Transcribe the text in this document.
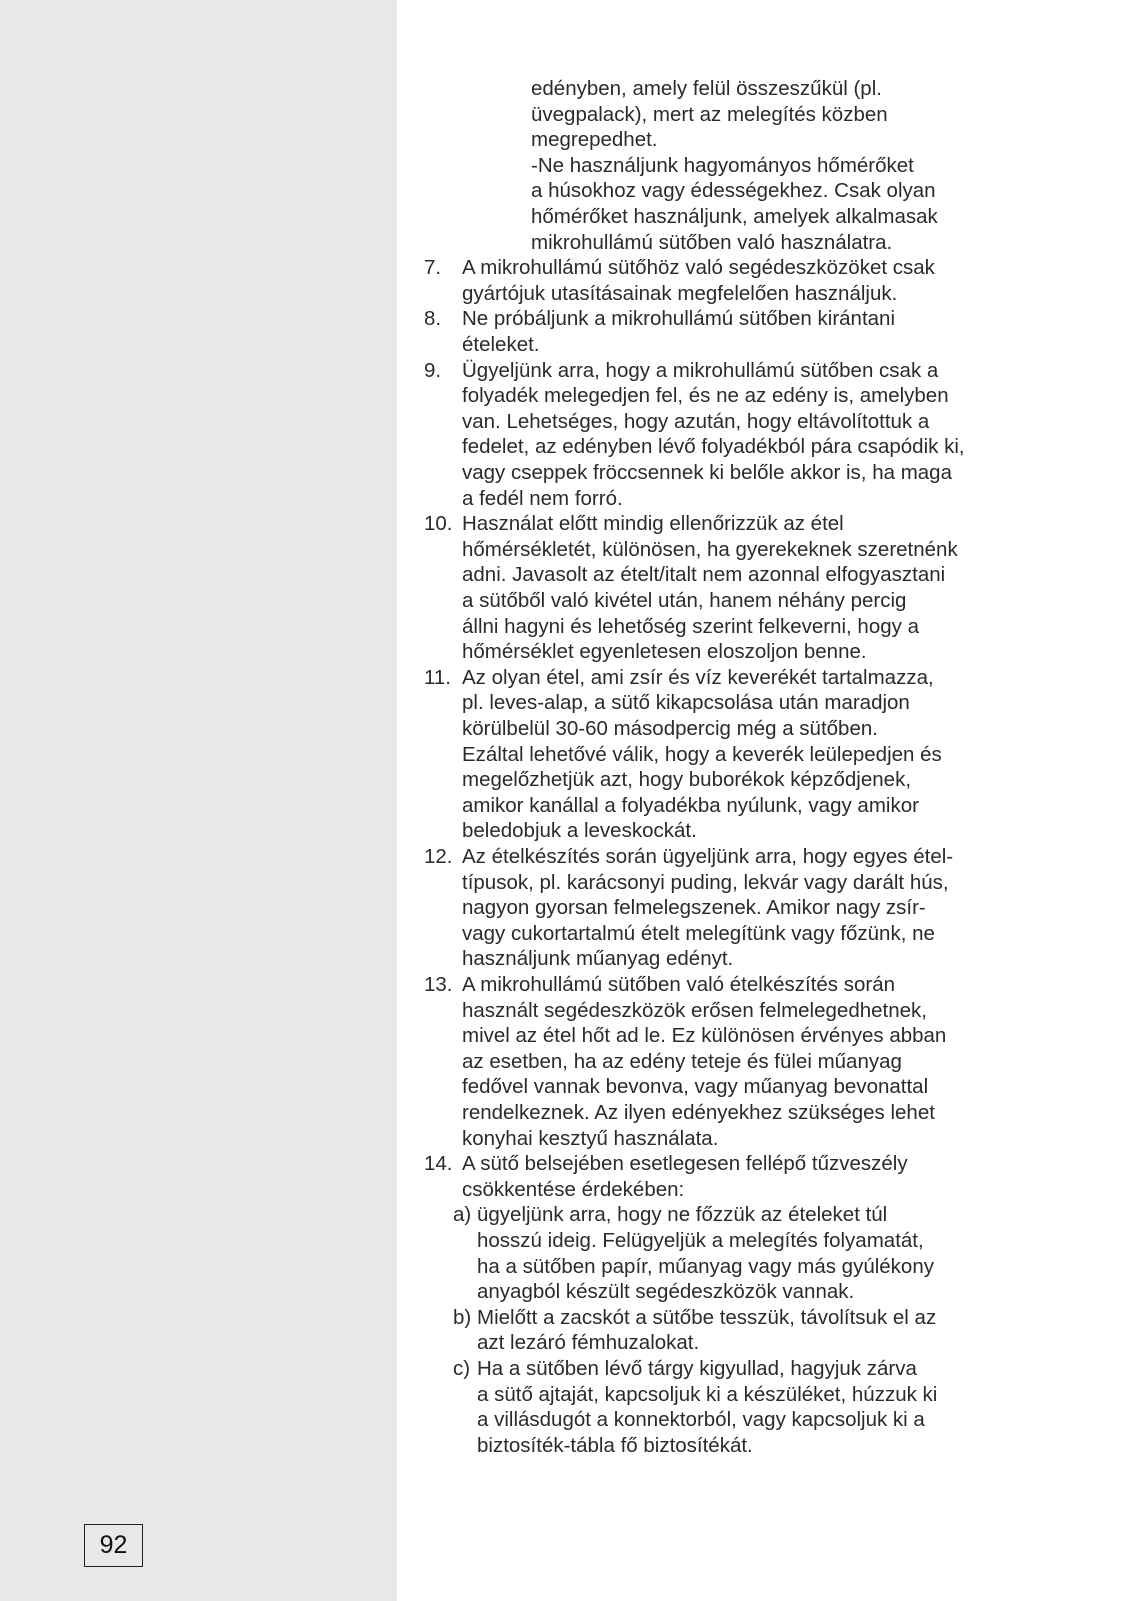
92
edényben, amely felül összeszűkül (pl.
üvegpalack), mert az melegítés közben
megrepedhet.
-Ne használjunk hagyományos hőmérőket
a húsokhoz vagy édességekhez. Csak olyan
hőmérőket használjunk, amelyek alkalmasak
mikrohullámú sütőben való használatra.
7. A mikrohullámú sütőhöz való segédeszközöket csak
gyártójuk utasításainak megfelelően használjuk.
8. Ne próbáljunk a mikrohullámú sütőben kirántani
ételeket.
9. Ügyeljünk arra, hogy a mikrohullámú sütőben csak a
folyadék melegedjen fel, és ne az edény is, amelyben
van. Lehetséges, hogy azután, hogy eltávolítottuk a
fedelet, az edényben lévő folyadékból pára csapódik ki,
vagy cseppek fröccsennek ki belőle akkor is, ha maga
a fedél nem forró.
10. Használat előtt mindig ellenőrizzük az étel
hőmérsékletét, különösen, ha gyerekeknek szeretnénk
adni. Javasolt az ételt/italt nem azonnal elfogyasztani
a sütőből való kivétel után, hanem néhány percig
állni hagyni és lehetőség szerint felkeverni, hogy a
hőmérséklet egyenletesen eloszoljon benne.
11. Az olyan étel, ami zsír és víz keverékét tartalmazza,
pl. leves-alap, a sütő kikapcsolása után maradjon
körülbelül 30-60 másodpercig még a sütőben.
Ezáltal lehetővé válik, hogy a keverék leülepedjen és
megelőzhetjük azt, hogy buborékok képződjenek,
amikor kanállal a folyadékba nyúlunk, vagy amikor
beledobjuk a leveskockát.
12. Az ételkészítés során ügyeljünk arra, hogy egyes étel-
típusok, pl. karácsonyi puding, lekvár vagy darált hús,
nagyon gyorsan felmelegszenek. Amikor nagy zsír-
vagy cukortartalmú ételt melegítünk vagy főzünk, ne
használjunk műanyag edényt.
13. A mikrohullámú sütőben való ételkészítés során
használt segédeszközök erősen felmelegedhetnek,
mivel az étel hőt ad le. Ez különösen érvényes abban
az esetben, ha az edény teteje és fülei műanyag
fedővel vannak bevonva, vagy műanyag bevonattal
rendelkeznek. Az ilyen edényekhez szükséges lehet
konyhai kesztyű használata.
14. A sütő belsejében esetlegesen fellépő tűzveszély
csökkentése érdekében:
a) ügyeljünk arra, hogy ne főzzük az ételeket túl
hosszú ideig. Felügyeljük a melegítés folyamatát,
ha a sütőben papír, műanyag vagy más gyúlékony
anyagból készült segédeszközök vannak.
b) Mielőtt a zacskót a sütőbe tesszük, távolítsuk el az
azt lezáró fémhuzalokat.
c) Ha a sütőben lévő tárgy kigyullad, hagyjuk zárva
a sütő ajtaját, kapcsoljuk ki a készüléket, húzzuk ki
a villásdugót a konnektorból, vagy kapcsoljuk ki a
biztosíték-tábla fő biztosítékát.
